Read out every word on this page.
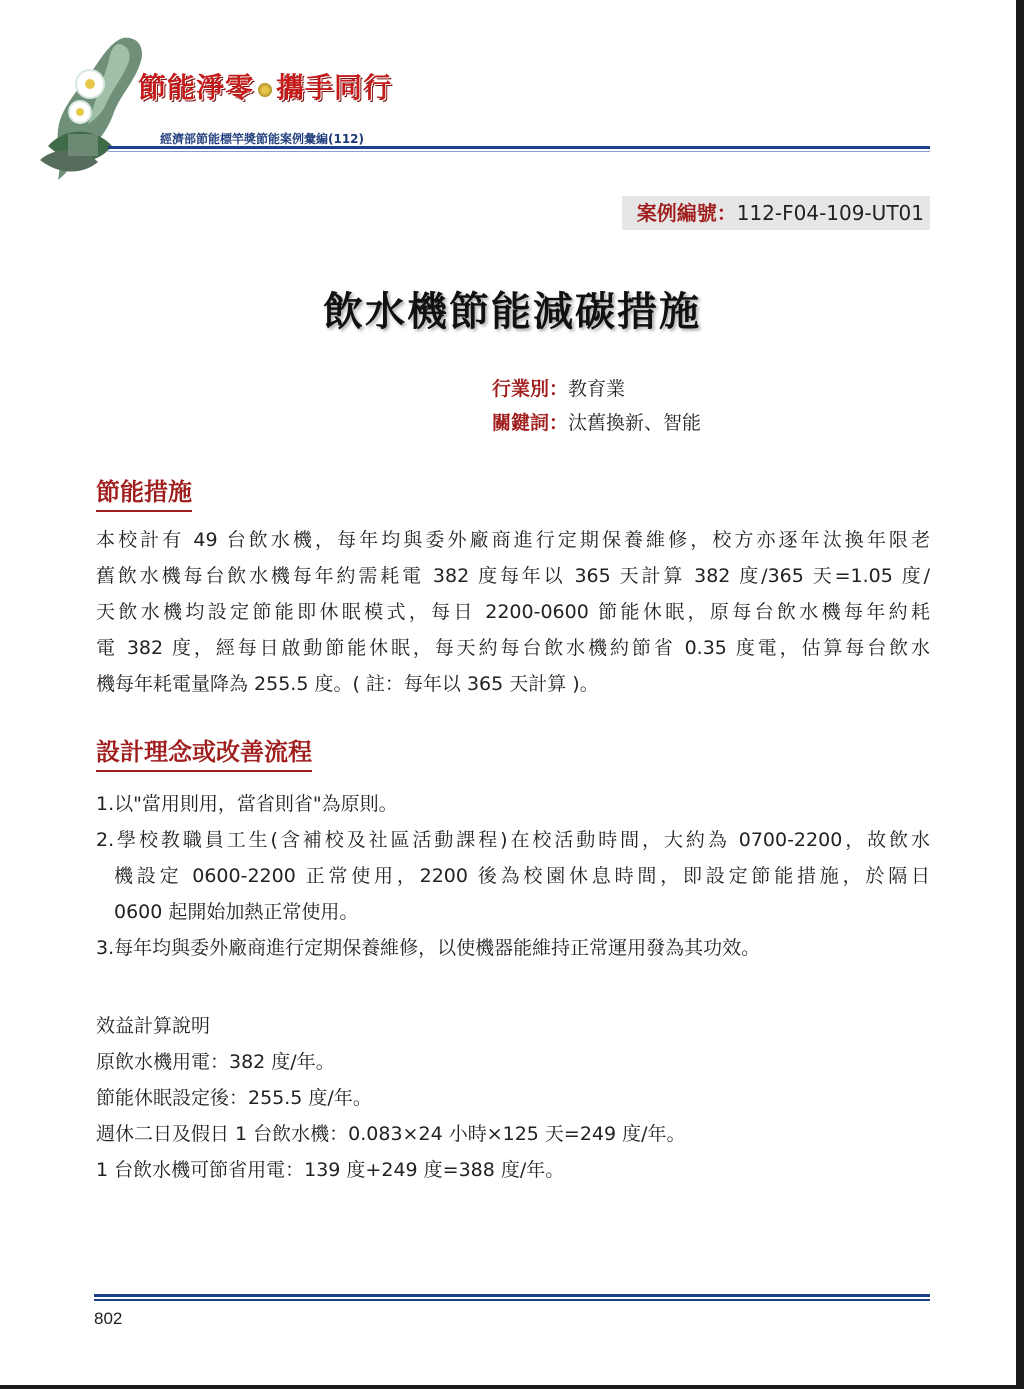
節能淨零 攜手同行
經濟部節能標竿獎節能案例彙編(112)
案例編號：112-F04-109-UT01
飲水機節能減碳措施
行業別：教育業
關鍵詞：汰舊換新、智能
節能措施
本校計有 49 台飲水機，每年均與委外廠商進行定期保養維修，校方亦逐年汰換年限老
舊飲水機每台飲水機每年約需耗電 382 度每年以 365 天計算 382 度/365 天=1.05 度/
天飲水機均設定節能即休眠模式，每日 2200-0600 節能休眠，原每台飲水機每年約耗
電 382 度，經每日啟動節能休眠，每天約每台飲水機約節省 0.35 度電，估算每台飲水
機每年耗電量降為 255.5 度。( 註：每年以 365 天計算 )。
設計理念或改善流程
1.以"當用則用，當省則省"為原則。
2.學校教職員工生(含補校及社區活動課程)在校活動時間，大約為 0700-2200，故飲水
機設定 0600-2200 正常使用，2200 後為校園休息時間，即設定節能措施，於隔日
0600 起開始加熱正常使用。
3.每年均與委外廠商進行定期保養維修，以使機器能維持正常運用發為其功效。
效益計算說明
原飲水機用電：382 度/年。
節能休眠設定後：255.5 度/年。
週休二日及假日 1 台飲水機：0.083×24 小時×125 天=249 度/年。
1 台飲水機可節省用電：139 度+249 度=388 度/年。
802
